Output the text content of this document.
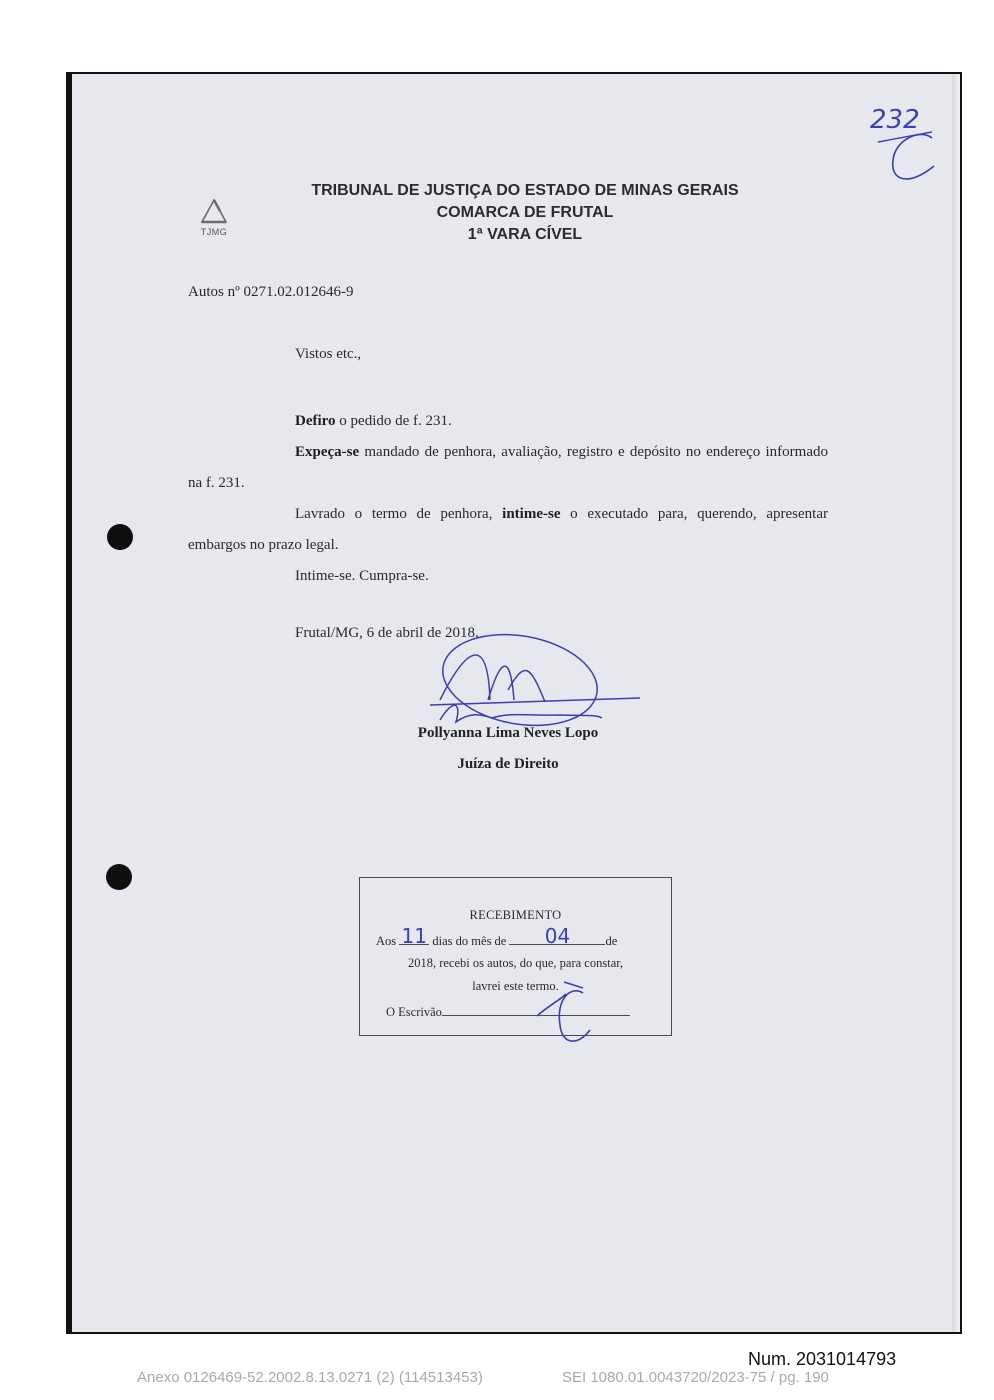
TJMG
TRIBUNAL DE JUSTIÇA DO ESTADO DE MINAS GERAIS
COMARCA DE FRUTAL
1ª VARA CÍVEL
Autos nº 0271.02.012646-9
Vistos etc.,

Defiro o pedido de f. 231.

Expeça-se mandado de penhora, avaliação, registro e depósito no endereço informado na f. 231.

Lavrado o termo de penhora, intime-se o executado para, querendo, apresentar embargos no prazo legal.

Intime-se. Cumpra-se.

Frutal/MG, 6 de abril de 2018.
Pollyanna Lima Neves Lopo
Juíza de Direito
232
RECEBIMENTO
Aos 11 dias do mês de	04	de
2018, recebi os autos, do que, para constar,
lavrei este termo.
O Escrivão
Num. 2031014793
Anexo 0126469-52.2002.8.13.0271 (2) (114513453)	SEI 1080.01.0043720/2023-75 / pg. 190
